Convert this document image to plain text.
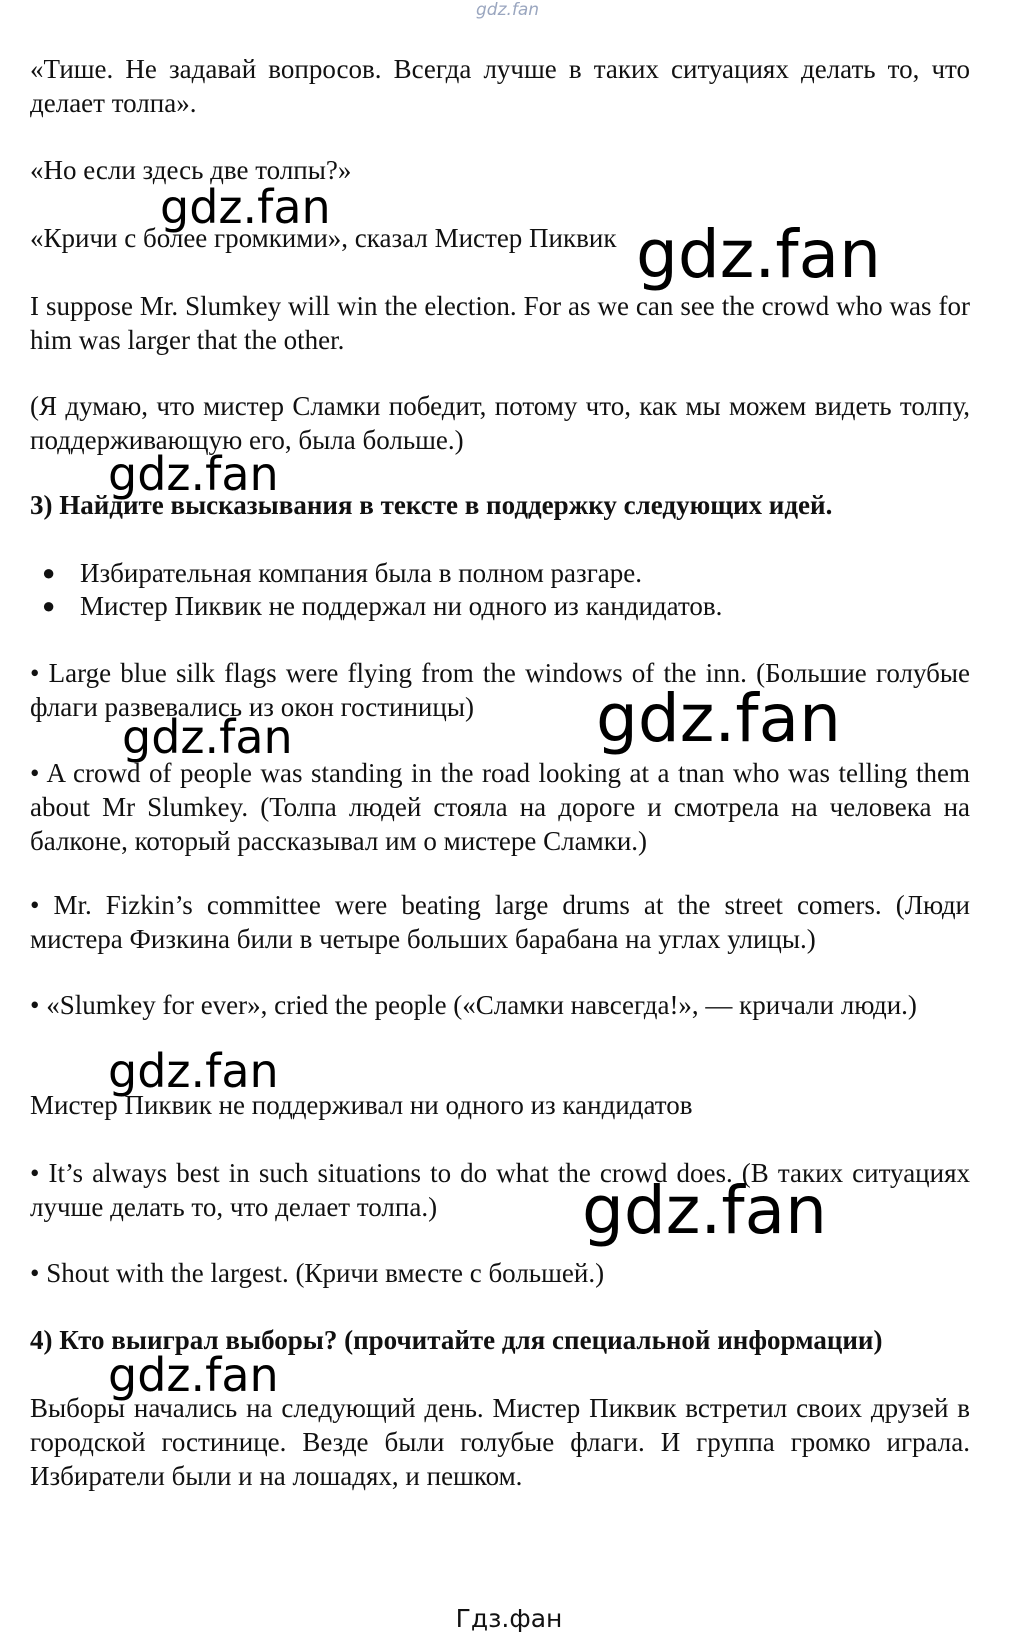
gdz.fan

«Тише. Не задавай вопросов. Всегда лучше в таких ситуациях делать то, что делает толпа».

«Но если здесь две толпы?»

«Кричи с более громкими», сказал Мистер Пиквик

I suppose Mr. Slumkey will win the election. For as we can see the crowd who was for him was larger that the other.

(Я думаю, что мистер Сламки победит, потому что, как мы можем видеть толпу, поддерживающую его, была больше.)

3) Найдите высказывания в тексте в поддержку следующих идей.

● Избирательная компания была в полном разгаре.
● Мистер Пиквик не поддержал ни одного из кандидатов.

• Large blue silk flags were flying from the windows of the inn. (Большие голубые флаги развевались из окон гостиницы)

• A crowd of people was standing in the road looking at a tnan who was telling them about Mr Slumkey. (Толпа людей стояла на дороге и смотрела на человека на балконе, который рассказывал им о мистере Сламки.)

• Mr. Fizkin’s committee were beating large drums at the street comers. (Люди мистера Физкина били в четыре больших барабана на углах улицы.)

• «Slumkey for ever», cried the people («Сламки навсегда!», — кричали люди.)

Мистер Пиквик не поддерживал ни одного из кандидатов

• It’s always best in such situations to do what the crowd does. (В таких ситуациях лучше делать то, что делает толпа.)

• Shout with the largest. (Кричи вместе с большей.)

4) Кто выиграл выборы? (прочитайте для специальной информации)

Выборы начались на следующий день. Мистер Пиквик встретил своих друзей в городской гостинице. Везде были голубые флаги. И группа громко играла. Избиратели были и на лошадях, и пешком.

gdz.fan
gdz.fan
gdz.fan
gdz.fan
gdz.fan
gdz.fan
gdz.fan
gdz.fan
Гдз.фан
